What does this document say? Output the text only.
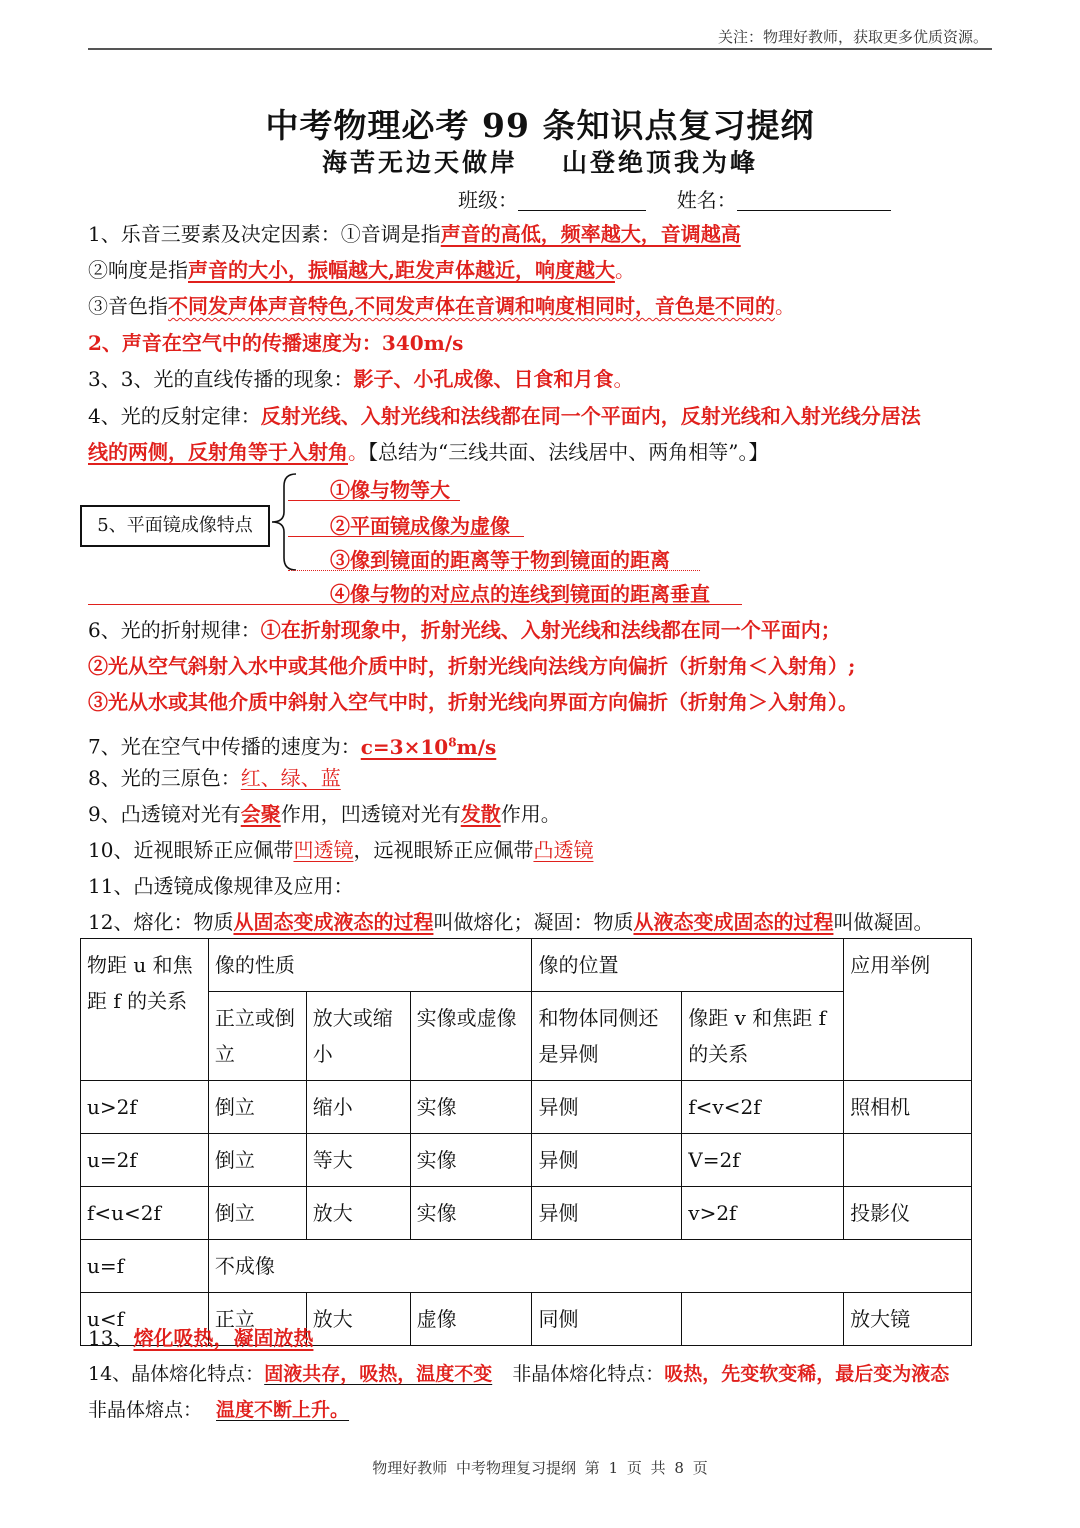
关注：物理好教师，获取更多优质资源。
中考物理必考 99 条知识点复习提纲
海苦无边天做岸 山登绝顶我为峰
班级：	姓名：
1、乐音三要素及决定因素：①音调是指声音的高低，频率越大，音调越高
②响度是指声音的大小，振幅越大,距发声体越近，响度越大。
③音色指不同发声体声音特色,不同发声体在音调和响度相同时，音色是不同的。
2、声音在空气中的传播速度为：340m/s
3、3、光的直线传播的现象：影子、小孔成像、日食和月食。
4、光的反射定律：反射光线、入射光线和法线都在同一个平面内，反射光线和入射光线分居法
线的两侧，反射角等于入射角。【总结为“三线共面、法线居中、两角相等”。】
5、平面镜成像特点
①像与物等大
②平面镜成像为虚像
③像到镜面的距离等于物到镜面的距离
④像与物的对应点的连线到镜面的距离垂直
6、光的折射规律：①在折射现象中，折射光线、入射光线和法线都在同一个平面内；
②光从空气斜射入水中或其他介质中时，折射光线向法线方向偏折（折射角＜入射角）;
③光从水或其他介质中斜射入空气中时，折射光线向界面方向偏折（折射角＞入射角）。
7、光在空气中传播的速度为：$c=3\times 10^8m/s$
8、光的三原色：红、绿、蓝
9、凸透镜对光有会聚作用，凹透镜对光有发散作用。
10、近视眼矫正应佩带凹透镜，远视眼矫正应佩带凸透镜
11、凸透镜成像规律及应用：
12、熔化：物质从固态变成液态的过程叫做熔化；凝固：物质从液态变成固态的过程叫做凝固。
物距 u 和焦距 f 的关系	像的性质			像的位置		应用举例
	正立或倒立	放大或缩小	实像或虚像	和物体同侧还是异侧	像距 v 和焦距 f 的关系	
u>2f	倒立	缩小	实像	异侧	f<v<2f	照相机
u=2f	倒立	等大	实像	异侧	V=2f	
f<u<2f	倒立	放大	实像	异侧	v>2f	投影仪
u=f	不成像					
u<f	正立	放大	虚像	同侧		放大镜
13、熔化吸热，凝固放热
14、晶体熔化特点：固液共存，吸热，温度不变 非晶体熔化特点：吸热，先变软变稀，最后变为液态
非晶体熔点： 温度不断上升。
物理好教师 中考物理复习提纲 第 1 页 共 8 页
